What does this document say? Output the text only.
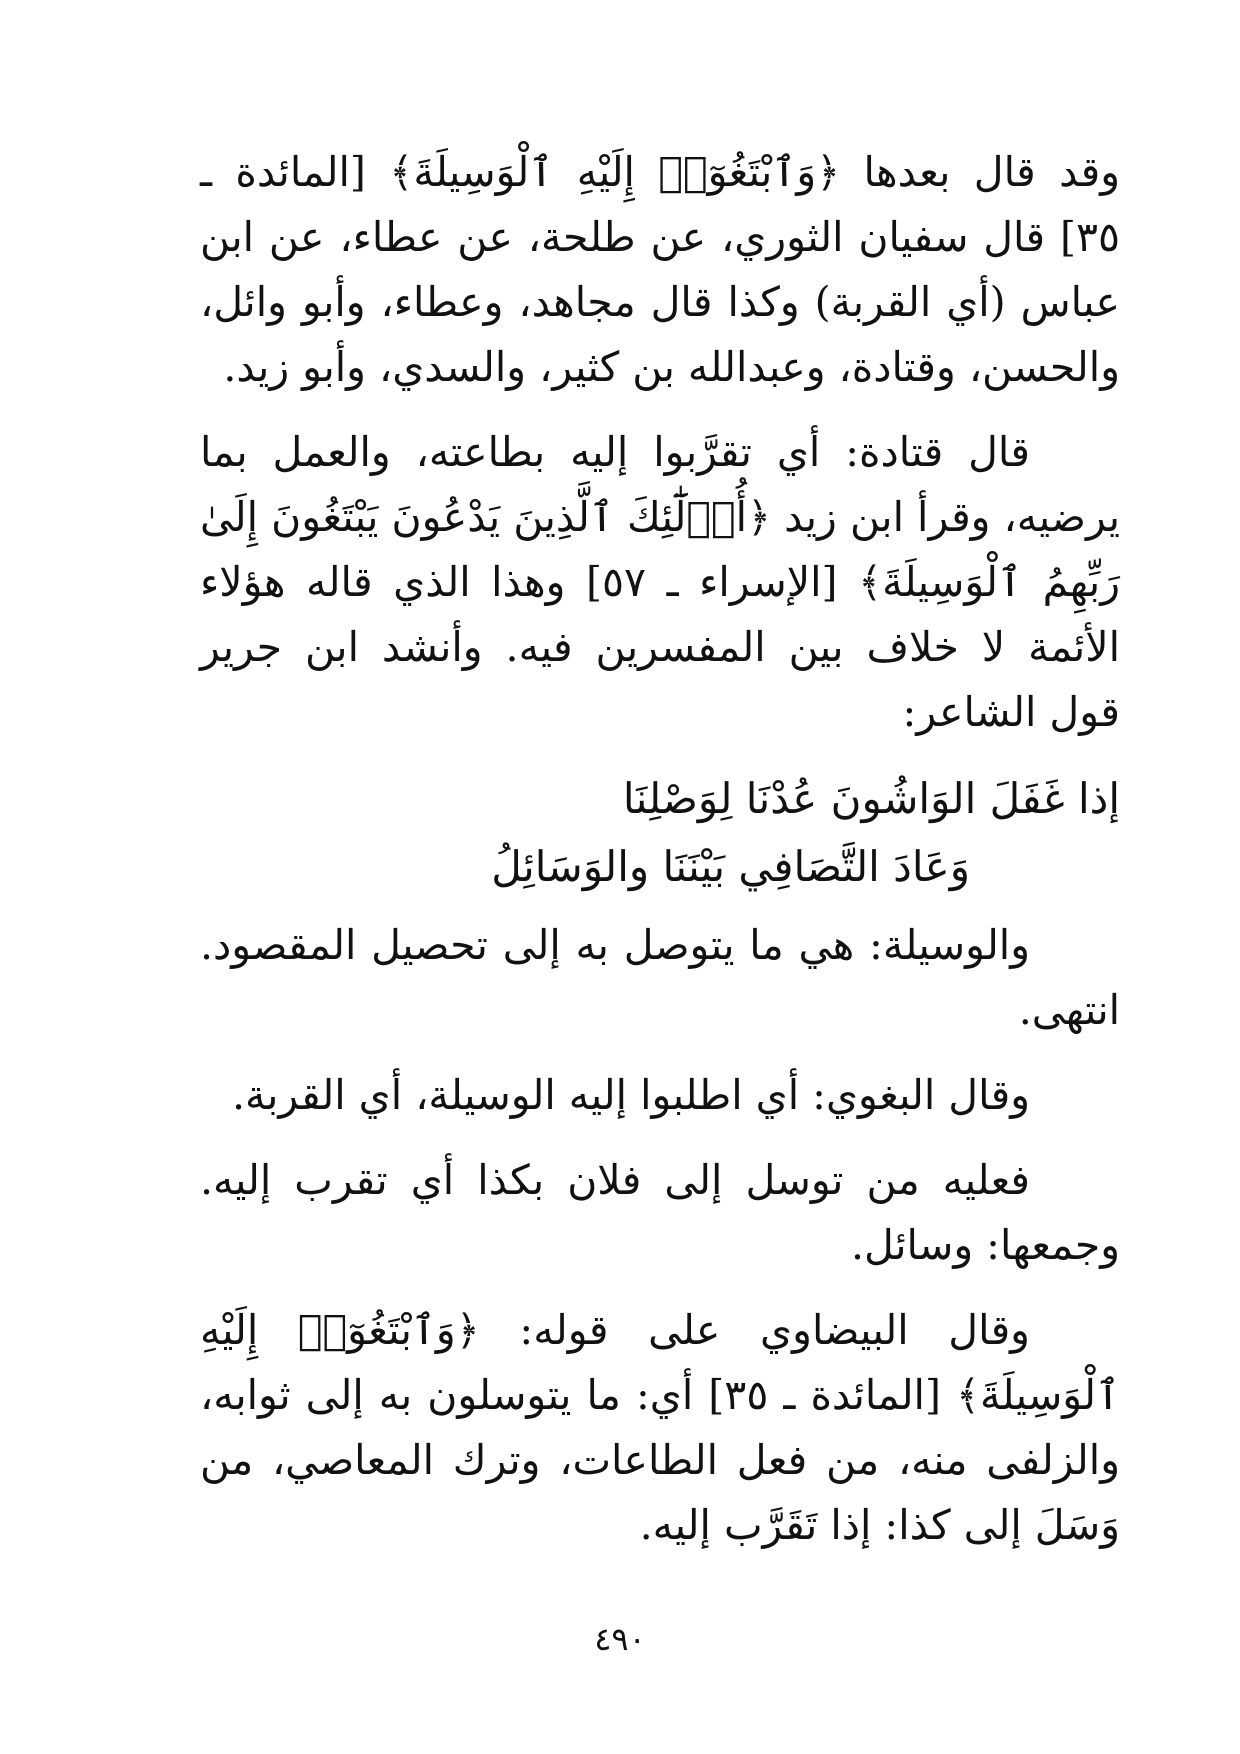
وقد قال بعدها ﴿وَٱبْتَغُوٓا۟ إِلَيْهِ ٱلْوَسِيلَةَ﴾ [المائدة ـ ٣٥] قال سفيان الثوري، عن طلحة، عن عطاء، عن ابن عباس (أي القربة) وكذا قال مجاهد، وعطاء، وأبو وائل، والحسن، وقتادة، وعبدالله بن كثير، والسدي، وأبو زيد.

قال قتادة: أي تقرَّبوا إليه بطاعته، والعمل بما يرضيه، وقرأ ابن زيد ﴿أُو۟لَٰٓئِكَ ٱلَّذِينَ يَدْعُونَ يَبْتَغُونَ إِلَىٰ رَبِّهِمُ ٱلْوَسِيلَةَ﴾ [الإسراء ـ ٥٧] وهذا الذي قاله هؤلاء الأئمة لا خلاف بين المفسرين فيه. وأنشد ابن جرير قول الشاعر:

إذا غَفَلَ الوَاشُونَ عُدْنَا لِوَصْلِنَا

وَعَادَ التَّصَافِي بَيْنَنَا والوَسَائِلُ

والوسيلة: هي ما يتوصل به إلى تحصيل المقصود. انتهى.

وقال البغوي: أي اطلبوا إليه الوسيلة، أي القربة.

فعليه من توسل إلى فلان بكذا أي تقرب إليه. وجمعها: وسائل.

وقال البيضاوي على قوله: ﴿وَٱبْتَغُوٓا۟ إِلَيْهِ ٱلْوَسِيلَةَ﴾ [المائدة ـ ٣٥] أي: ما يتوسلون به إلى ثوابه، والزلفى منه، من فعل الطاعات، وترك المعاصي، من وَسَلَ إلى كذا: إذا تَقَرَّب إليه.

٤٩٠
